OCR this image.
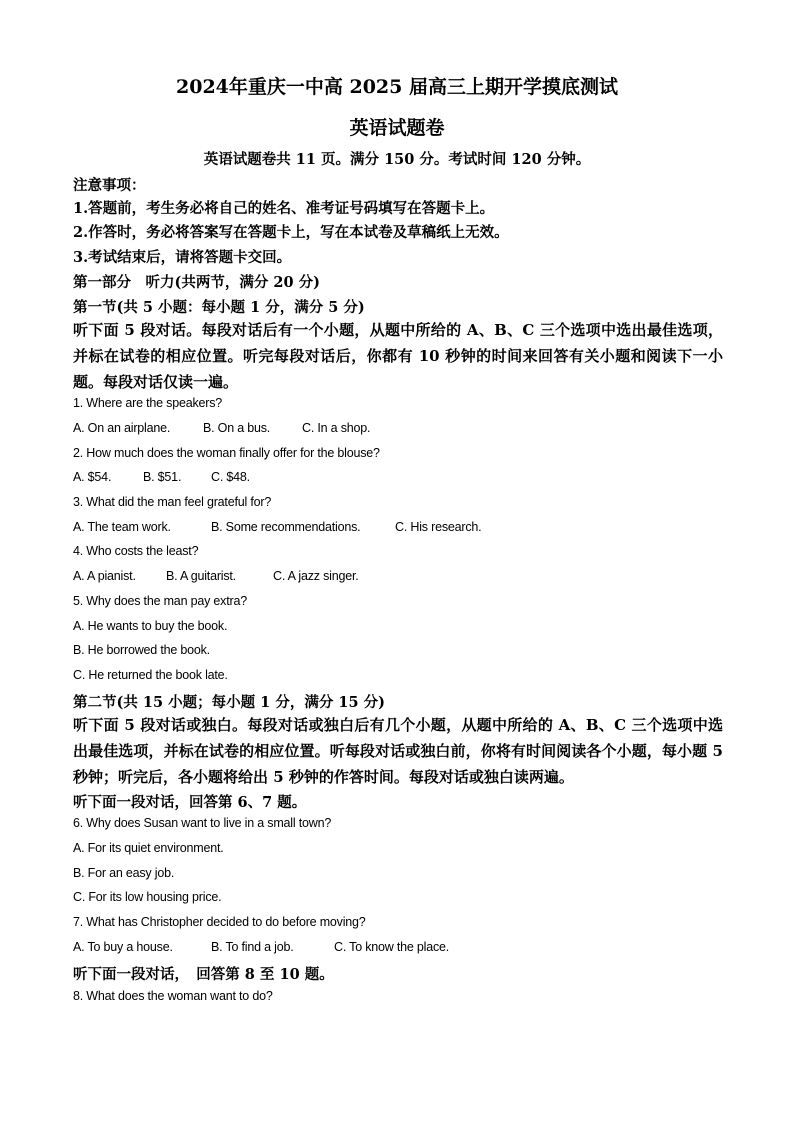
2024年重庆一中高 2025 届高三上期开学摸底测试
英语试题卷
英语试题卷共 11 页。满分 150 分。考试时间 120 分钟。
注意事项：
1.答题前，考生务必将自己的姓名、准考证号码填写在答题卡上。
2.作答时，务必将答案写在答题卡上，写在本试卷及草稿纸上无效。
3.考试结束后，请将答题卡交回。
第一部分　听力(共两节，满分 20 分)
第一节(共 5 小题：每小题 1 分，满分 5 分)
听下面 5 段对话。每段对话后有一个小题，从题中所给的 A、B、C 三个选项中选出最佳选项，并标在试卷的相应位置。听完每段对话后，你都有 10 秒钟的时间来回答有关小题和阅读下一小题。每段对话仅读一遍。
1. Where are the speakers?
A. On an airplane.	B. On a bus.	C. In a shop.
2. How much does the woman finally offer for the blouse?
A. $54.	B. $51. C. $48.
3. What did the man feel grateful for?
A. The team work.	B. Some recommendations.	C. His research.
4. Who costs the least?
A. A pianist. B. A guitarist.	C. A jazz singer.
5. Why does the man pay extra?
A. He wants to buy the book.
B. He borrowed the book.
C. He returned the book late.
第二节(共 15 小题；每小题 1 分，满分 15 分)
听下面 5 段对话或独白。每段对话或独白后有几个小题，从题中所给的 A、B、C 三个选项中选出最佳选项，并标在试卷的相应位置。听每段对话或独白前，你将有时间阅读各个小题，每小题 5 秒钟；听完后，各小题将给出 5 秒钟的作答时间。每段对话或独白读两遍。
听下面一段对话，回答第 6、7 题。
6. Why does Susan want to live in a small town?
A. For its quiet environment.
B. For an easy job.
C. For its low housing price.
7. What has Christopher decided to do before moving?
A. To buy a house.	B. To find a job.	C. To know the place.
听下面一段对话，　回答第 8 至 10 题。
8. What does the woman want to do?
